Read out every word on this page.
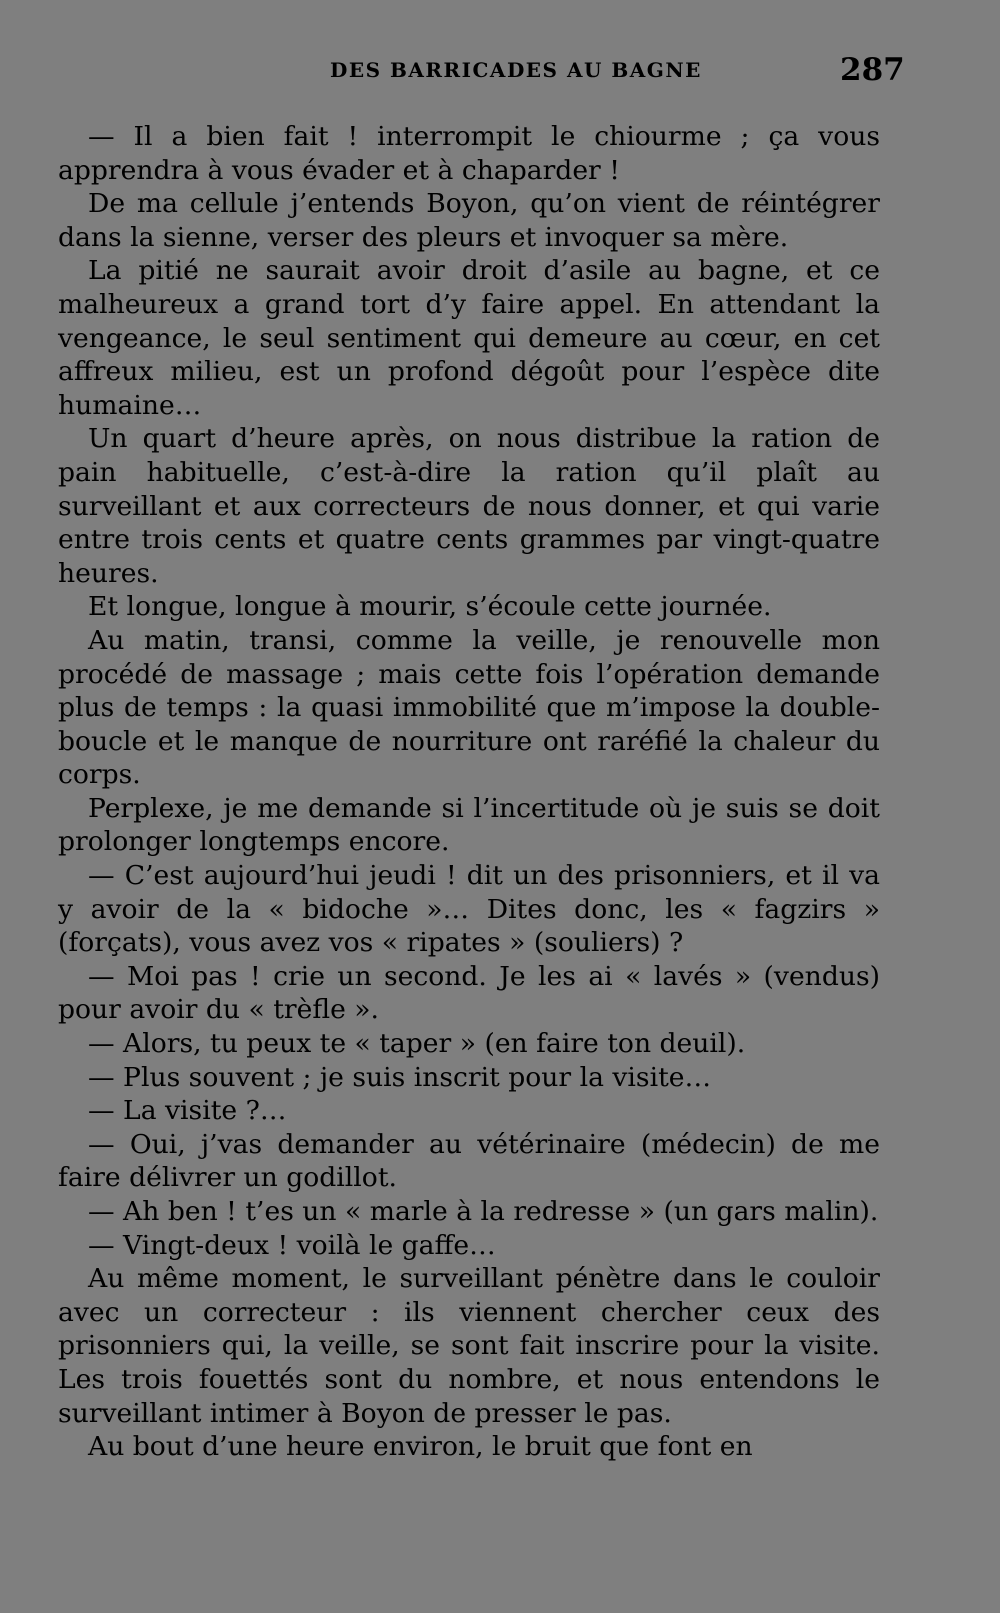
DES BARRICADES AU BAGNE	287

— Il a bien fait ! interrompit le chiourme ; ça vous apprendra à vous évader et à chaparder !

De ma cellule j’entends Boyon, qu’on vient de réintégrer dans la sienne, verser des pleurs et invoquer sa mère.

La pitié ne saurait avoir droit d’asile au bagne, et ce malheureux a grand tort d’y faire appel. En attendant la vengeance, le seul sentiment qui demeure au cœur, en cet affreux milieu, est un profond dégoût pour l’espèce dite humaine…

Un quart d’heure après, on nous distribue la ration de pain habituelle, c’est-à-dire la ration qu’il plaît au surveillant et aux correcteurs de nous donner, et qui varie entre trois cents et quatre cents grammes par vingt-quatre heures.

Et longue, longue à mourir, s’écoule cette journée.

Au matin, transi, comme la veille, je renouvelle mon procédé de massage ; mais cette fois l’opération demande plus de temps : la quasi immobilité que m’impose la double-boucle et le manque de nourriture ont raréfié la chaleur du corps.

Perplexe, je me demande si l’incertitude où je suis se doit prolonger longtemps encore.

— C’est aujourd’hui jeudi ! dit un des prisonniers, et il va y avoir de la « bidoche »… Dites donc, les « fagzirs » (forçats), vous avez vos « ripates » (souliers) ?

— Moi pas ! crie un second. Je les ai « lavés » (vendus) pour avoir du « trèfle ».

— Alors, tu peux te « taper » (en faire ton deuil).

— Plus souvent ; je suis inscrit pour la visite…

— La visite ?…

— Oui, j’vas demander au vétérinaire (médecin) de me faire délivrer un godillot.

— Ah ben ! t’es un « marle à la redresse » (un gars malin).

— Vingt-deux ! voilà le gaffe…

Au même moment, le surveillant pénètre dans le couloir avec un correcteur : ils viennent chercher ceux des prisonniers qui, la veille, se sont fait inscrire pour la visite. Les trois fouettés sont du nombre, et nous entendons le surveillant intimer à Boyon de presser le pas.

Au bout d’une heure environ, le bruit que font en
